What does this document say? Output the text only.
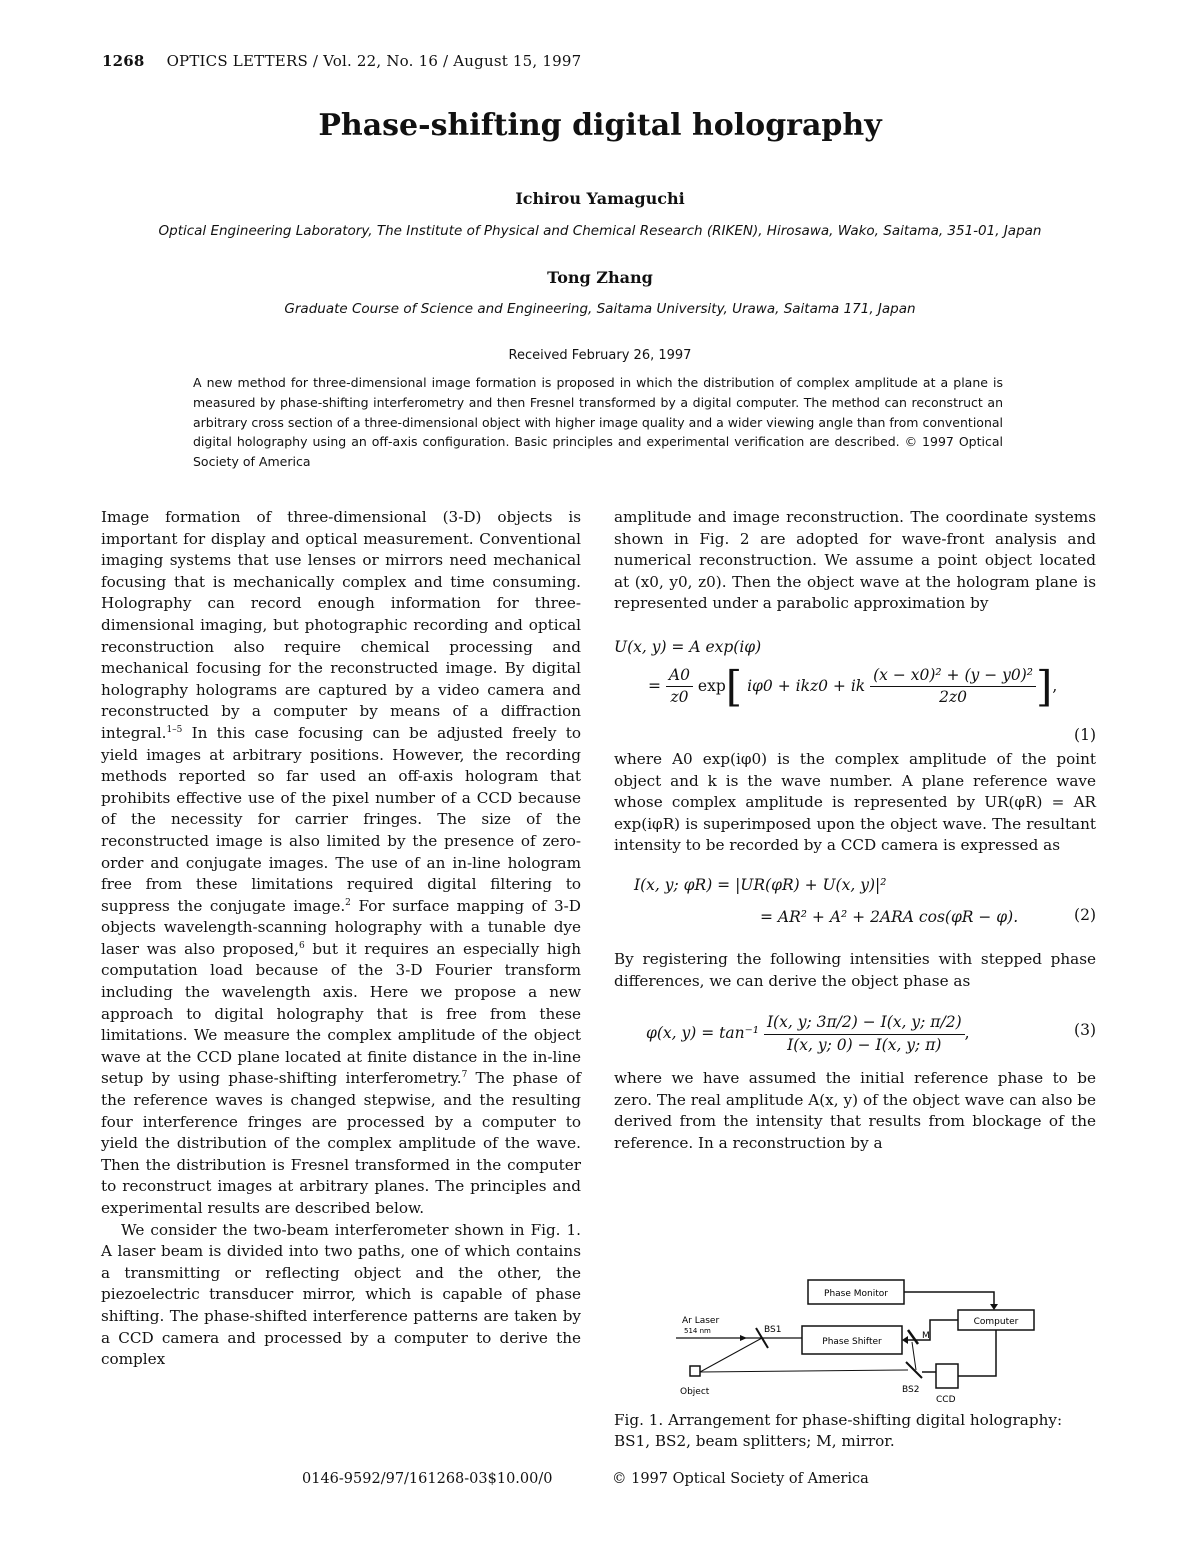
1268 OPTICS LETTERS / Vol. 22, No. 16 / August 15, 1997
Phase-shifting digital holography
Ichirou Yamaguchi
Optical Engineering Laboratory, The Institute of Physical and Chemical Research (RIKEN), Hirosawa, Wako, Saitama, 351-01, Japan
Tong Zhang
Graduate Course of Science and Engineering, Saitama University, Urawa, Saitama 171, Japan
Received February 26, 1997
A new method for three-dimensional image formation is proposed in which the distribution of complex amplitude at a plane is measured by phase-shifting interferometry and then Fresnel transformed by a digital computer. The method can reconstruct an arbitrary cross section of a three-dimensional object with higher image quality and a wider viewing angle than from conventional digital holography using an off-axis configuration. Basic principles and experimental verification are described. © 1997 Optical Society of America

Image formation of three-dimensional (3-D) objects is important for display and optical measurement. Conventional imaging systems that use lenses or mirrors need mechanical focusing that is mechanically complex and time consuming. Holography can record enough information for three-dimensional imaging, but photographic recording and optical reconstruction also require chemical processing and mechanical focusing for the reconstructed image. By digital holography holograms are captured by a video camera and reconstructed by a computer by means of a diffraction integral.$^{1-5}$ In this case focusing can be adjusted freely to yield images at arbitrary positions. However, the recording methods reported so far used an off-axis hologram that prohibits effective use of the pixel number of a CCD because of the necessity for carrier fringes. The size of the reconstructed image is also limited by the presence of zero-order and conjugate images. The use of an in-line hologram free from these limitations required digital filtering to suppress the conjugate image.$^2$ For surface mapping of 3-D objects wavelength-scanning holography with a tunable dye laser was also proposed,$^6$ but it requires an especially high computation load because of the 3-D Fourier transform including the wavelength axis. Here we propose a new approach to digital holography that is free from these limitations. We measure the complex amplitude of the object wave at the CCD plane located at finite distance in the in-line setup by using phase-shifting interferometry.$^7$ The phase of the reference waves is changed stepwise, and the resulting four interference fringes are processed by a computer to yield the distribution of the complex amplitude of the wave. Then the distribution is Fresnel transformed in the computer to reconstruct images at arbitrary planes. The principles and experimental results are described below.

We consider the two-beam interferometer shown in Fig. 1. A laser beam is divided into two paths, one of which contains a transmitting or reflecting object and the other, the piezoelectric transducer mirror, which is capable of phase shifting. The phase-shifted interference patterns are taken by a CCD camera and processed by a computer to derive the complex

amplitude and image reconstruction. The coordinate systems shown in Fig. 2 are adopted for wave-front analysis and numerical reconstruction. We assume a point object located at (x0, y0, z0). Then the object wave at the hologram plane is represented under a parabolic approximation by

U(x, y) = A exp(iφ)
= $\frac{A0}{z0} \exp$[ iφ0 + ikz0 + ik $\frac{\text{(x − x0)² + (y − y0)²}}{2z0}$ ],
(1)

where A0 exp(iφ0) is the complex amplitude of the point object and k is the wave number. A plane reference wave whose complex amplitude is represented by UR(φR) = AR exp(iφR) is superimposed upon the object wave. The resultant intensity to be recorded by a CCD camera is expressed as

I(x, y; φR) = |UR(φR) + U(x, y)|²
= AR² + A² + 2ARA cos(φR − φ).	(2)

By registering the following intensities with stepped phase differences, we can derive the object phase as

φ(x, $y) = \tan^{-1} \frac{I(x, y; 3\pi/2) - I(x, y; \pi/2)}{I(x, y; 0) - I(x, y; \pi)}$ ,	(3)

where we have assumed the initial reference phase to be zero. The real amplitude A(x, y) of the object wave can also be derived from the intensity that results from blockage of the reference. In a reconstruction by a

Phase Monitor
Computer
Phase Shifter
Ar Laser
514 nm	BS1
M
Object	BS2
CCD
Fig. 1. Arrangement for phase-shifting digital holography: BS1, BS2, beam splitters; M, mirror.
0146-9592/97/161268-03$10.00/0	© 1997 Optical Society of America
